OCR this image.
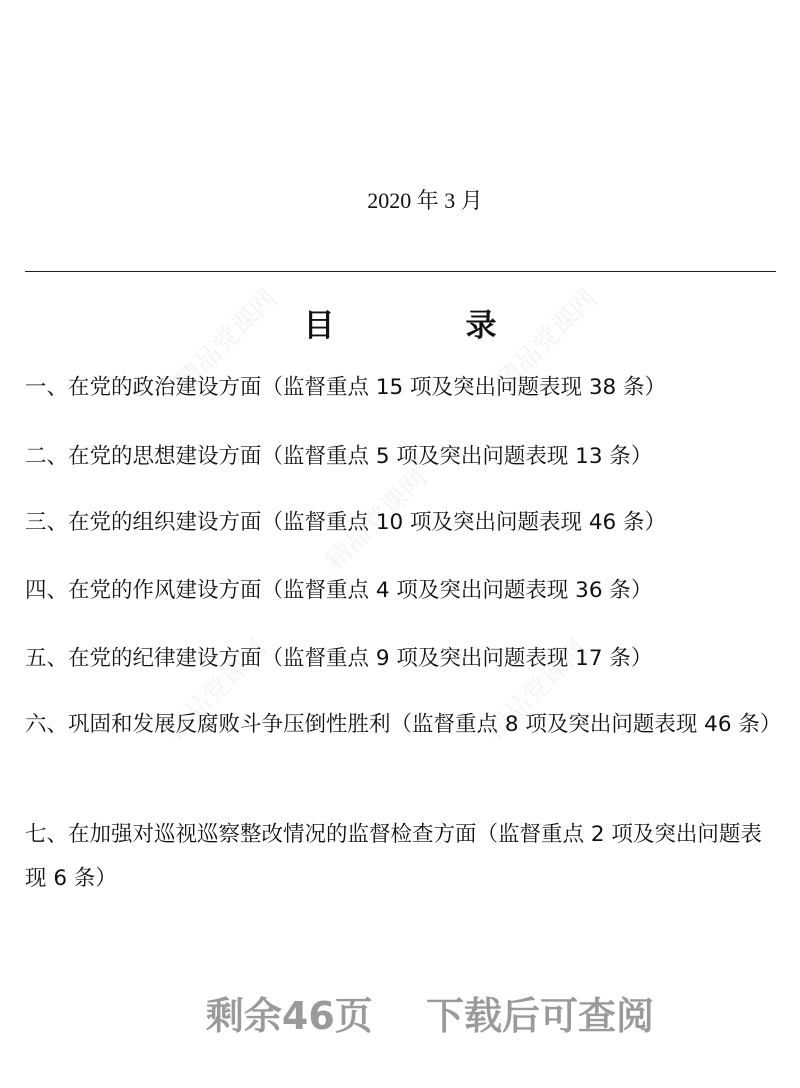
精品党课网	精品党课网
精品党课网
精品党课网	精品党课网
2020 年 3 月
目　录
一、在党的政治建设方面（监督重点 15 项及突出问题表现 38 条）
二、在党的思想建设方面（监督重点 5 项及突出问题表现 13 条）
三、在党的组织建设方面（监督重点 10 项及突出问题表现 46 条）
四、在党的作风建设方面（监督重点 4 项及突出问题表现 36 条）
五、在党的纪律建设方面（监督重点 9 项及突出问题表现 17 条）
六、巩固和发展反腐败斗争压倒性胜利（监督重点 8 项及突出问题表现 46 条）
七、在加强对巡视巡察整改情况的监督检查方面（监督重点 2 项及突出问题表现 6 条）
剩余46页 下载后可查阅
